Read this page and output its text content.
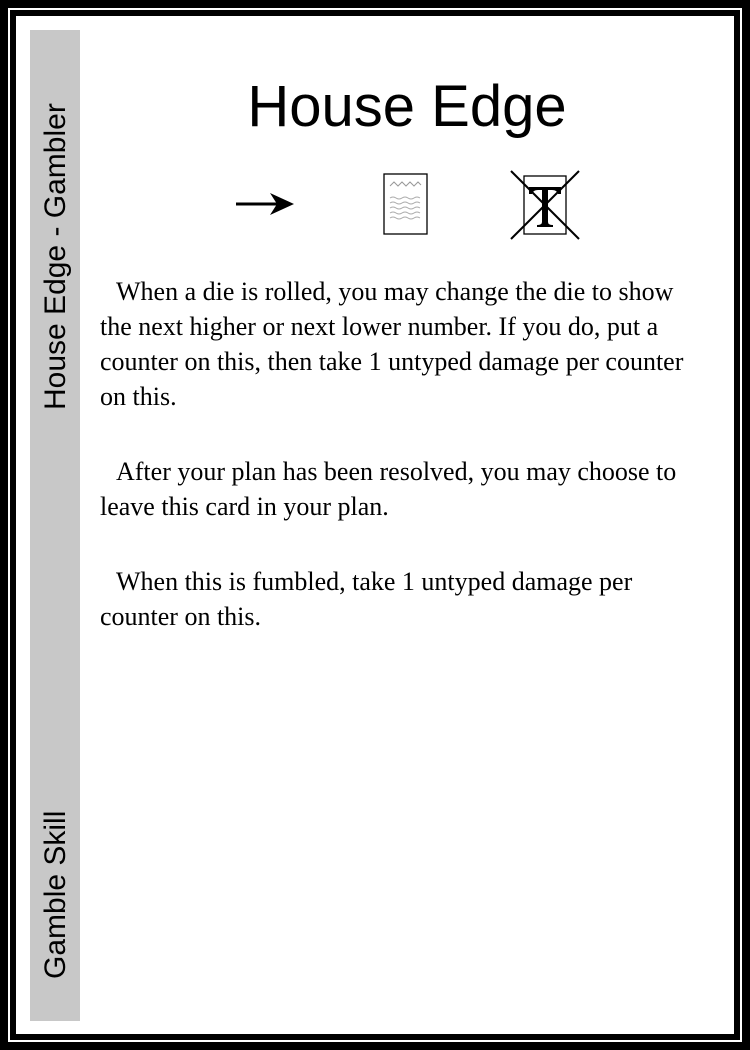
House Edge - Gambler
Gamble Skill
House Edge

When a die is rolled, you may change the die to show the next higher or next lower number. If you do, put a counter on this, then take 1 untyped damage per counter on this.

After your plan has been resolved, you may choose to leave this card in your plan.

When this is fumbled, take 1 untyped damage per counter on this.
